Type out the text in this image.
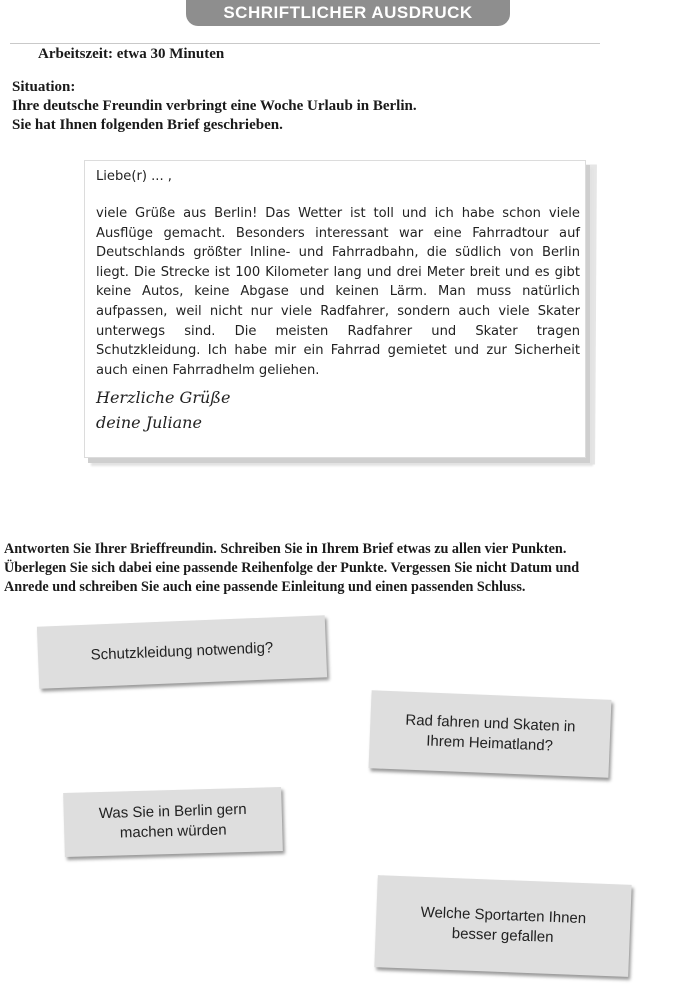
SCHRIFTLICHER AUSDRUCK
Arbeitszeit: etwa 30 Minuten
Situation:
Ihre deutsche Freundin verbringt eine Woche Urlaub in Berlin.
Sie hat Ihnen folgenden Brief geschrieben.
Liebe(r) ... ,
viele Grüße aus Berlin! Das Wetter ist toll und ich habe schon viele Ausflüge gemacht. Besonders interessant war eine Fahrradtour auf Deutschlands größter Inline- und Fahrradbahn, die südlich von Berlin liegt. Die Strecke ist 100 Kilometer lang und drei Meter breit und es gibt keine Autos, keine Abgase und keinen Lärm. Man muss natürlich aufpassen, weil nicht nur viele Radfahrer, sondern auch viele Skater unterwegs sind. Die meisten Radfahrer und Skater tragen Schutzkleidung. Ich habe mir ein Fahrrad gemietet und zur Sicherheit auch einen Fahrradhelm geliehen.
Herzliche Grüße
deine Juliane
Antworten Sie Ihrer Brieffreundin. Schreiben Sie in Ihrem Brief etwas zu allen vier Punkten.
Überlegen Sie sich dabei eine passende Reihenfolge der Punkte. Vergessen Sie nicht Datum und
Anrede und schreiben Sie auch eine passende Einleitung und einen passenden Schluss.
Schutzkleidung notwendig?
Rad fahren und Skaten in
Ihrem Heimatland?
Was Sie in Berlin gern
machen würden
Welche Sportarten Ihnen
besser gefallen
